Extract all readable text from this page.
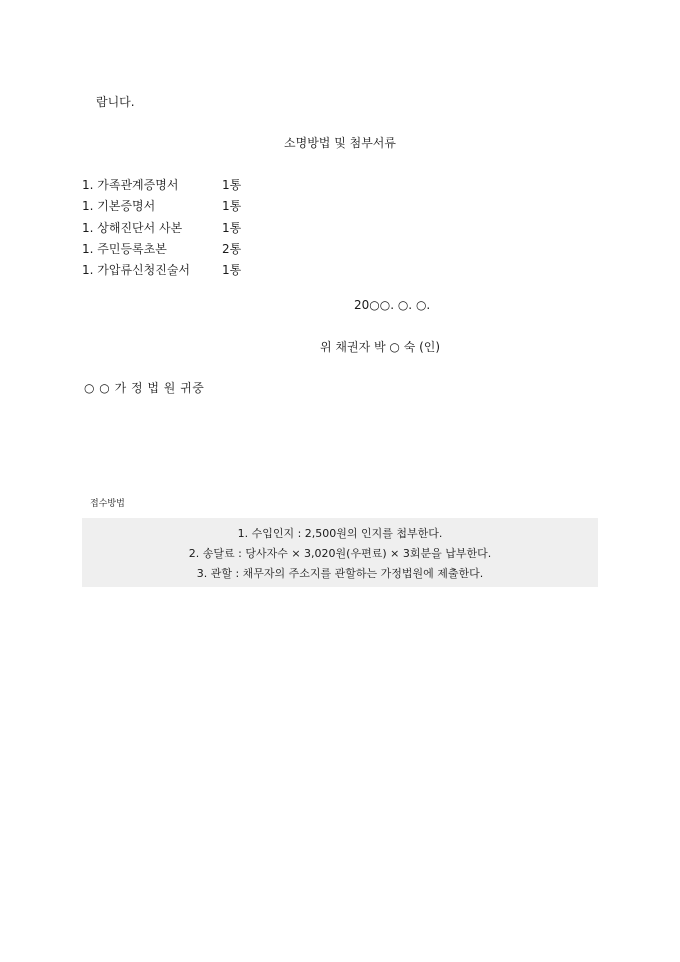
람니다.
소명방법 및 첨부서류
1. 가족관계증명서	1통
1. 기본증명서	1통
1. 상해진단서 사본	1통
1. 주민등록초본	2통
1. 가압류신청진술서	1통
20○○. ○. ○.
위 채권자 박 ○ 숙 (인)
○ ○ 가 정 법 원 귀중
접수방법
1. 수입인지 : 2,500원의 인지를 첩부한다.
2. 송달료 : 당사자수 × 3,020원(우편료) × 3회분을 납부한다.
3. 관할 : 채무자의 주소지를 관할하는 가정법원에 제출한다.
